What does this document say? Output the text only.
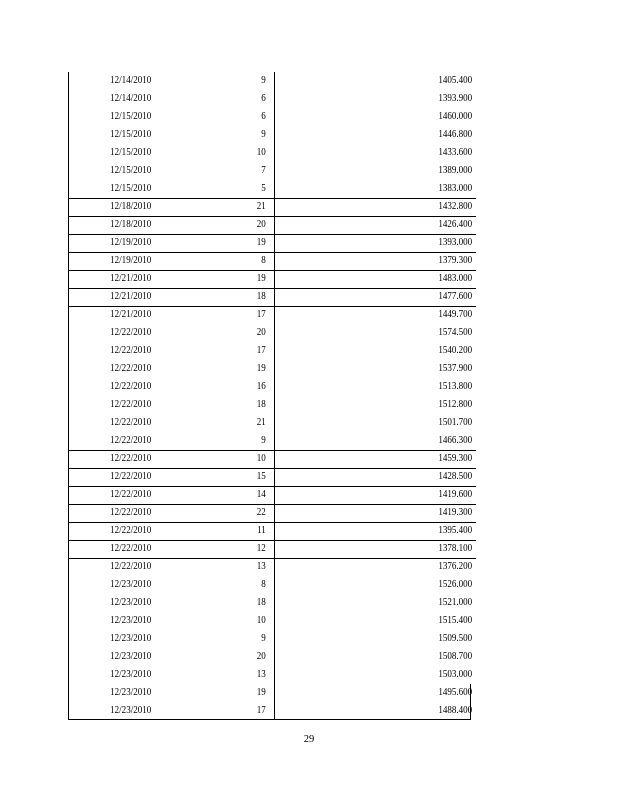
12/14/2010	9	1405.400
12/14/2010	6	1393.900
12/15/2010	6	1460.000
12/15/2010	9	1446.800
12/15/2010	10	1433.600
12/15/2010	7	1389.000
12/15/2010	5	1383.000
12/18/2010	21	1432.800
12/18/2010	20	1426.400
12/19/2010	19	1393.000
12/19/2010	8	1379.300
12/21/2010	19	1483.000
12/21/2010	18	1477.600
12/21/2010	17	1449.700
12/22/2010	20	1574.500
12/22/2010	17	1540.200
12/22/2010	19	1537.900
12/22/2010	16	1513.800
12/22/2010	18	1512.800
12/22/2010	21	1501.700
12/22/2010	9	1466.300
12/22/2010	10	1459.300
12/22/2010	15	1428.500
12/22/2010	14	1419.600
12/22/2010	22	1419.300
12/22/2010	11	1395.400
12/22/2010	12	1378.100
12/22/2010	13	1376.200
12/23/2010	8	1526.000
12/23/2010	18	1521.000
12/23/2010	10	1515.400
12/23/2010	9	1509.500
12/23/2010	20	1508.700
12/23/2010	13	1503.000
12/23/2010	19	1495.600
12/23/2010	17	1488.400
29
